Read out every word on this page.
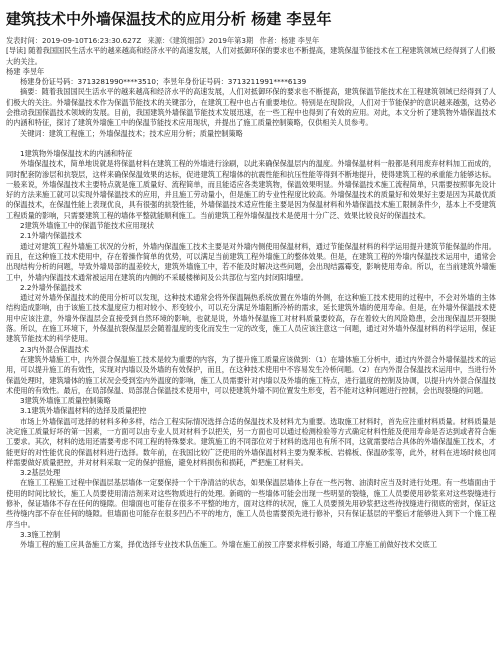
建筑技术中外墙保温技术的应用分析 杨建 李昱年
发表时间：2019-09-10T16:23:30.627Z 来源：《建筑细部》2019年第3期 作者：杨建 李昱年

[导读] 随着我国国民生活水平的越来越高和经济水平的高速发展，人们对抵御环保的要求也不断提高，建筑保温节能技术在工程建筑领域已经得到了人们极大的关注。

杨建 李昱年
杨建身份证号码：3713281990****3510；李昱年身份证号码：3713211991****6139

摘要：随着我国国民生活水平的越来越高和经济水平的高速发展，人们对抵御环保的要求也不断提高，建筑保温节能技术在工程建筑领域已经得到了人们极大的关注。外墙保温技术作为保温节能技术的关键部分，在建筑工程中也占有重要地位。特别是在现阶段，人们对于节能保护的意识越来越强，这势必会推动我国保温技术领域的发展。目前，我国建筑外墙保温节能技术发展迅速，在一些工程中也得到了有效的应用。对此，本文分析了建筑物外墙保温技术的内涵和特征，探讨了建筑外墙施工中的保温节能技术应用现状，并提出了施工质量控制策略，仅供相关人员参考。

关键词：建筑工程施工；外墙保温技术；技术应用分析；质量控制策略
1建筑物外墙保温技术的内涵和特征

外墙保温技术，简单地说就是将保温材料在建筑工程的外墙进行涂刷，以此来确保保温层内的温度。外墙保温材料一般都是利用废弃材料加工而成的，同时配套防渗层和抗裂层，这样来确保保温效果的达标，促进建筑工程墙体的抗震性能和抗压性能等得到不断地提升，使得建筑工程的承重能力能够达标。一般来说，外墙保温技术主要特点就是施工质量好、流程简单，而且能适应各类建筑物，保温效果明显。外墙保温技术施工流程简单，只需要按照事先设计好的方法来施工就可以实现外墙保温技术的应用，并且施工劳动量小，但是施工的专业性程度比较高。外墙保温技术的质量好和效果好主要是因为其最优质的保温技术，在保温性能上表现优良，具有很强的抗裂性能，外墙保温技术适应性能主要是因为保温材料和外墙保温技术施工限制条件少，基本上不受建筑工程质量的影响，只需要建筑工程的墙体平整就能顺利施工。当前建筑工程外墙保温技术是使用十分广泛、效果比较良好的保温技术。

2建筑外墙施工中的保温节能技术应用现状
2.1外墙内保温技术

通过对建筑工程外墙施工状况的分析，外墙内保温施工技术主要是对外墙内侧使用保温材料，通过节能保温材料的科学运用提升建筑节能保温的作用。而且，在这种施工技术使用中，存在着操作简单的优势，可以满足当前建筑工程外墙施工的整体效果。但是，在建筑工程的外墙内保温技术运用中，通常会出现结构分析的问题，导致外墙局部的温差较大，建筑外墙施工中，若不能及时解决这些问题，会出现结露霉变，影响使用寿命。所以，在当前建筑外墙施工中，外墙内保温技术通常被运用在建筑的内侧的不采暖楼梯间及公共部位与室内封闭阳墙壁。

2.2外墙外保温技术

通过对外墙外保温技术的使用分析可以发现，这种技术通常会将外保温隔热系统放置在外墙的外侧，在这种施工技术使用的过程中，不会对外墙的主体结构造成影响，由于该施工技术温度应力相对较小、形变较小，可以充分满足外墙阻断冷桥的需求，延长建筑外墙的使用寿命。但是，在外墙外保温技术使用中应该注意，外墙外保温层会直接受到自然环境的影响，也就是说，外墙外保温施工对材料质量要较高，存在着较大的风险隐患，会出现保温层开裂脱落。所以，在施工环境下，外保温抗裂保温层会随着温度的变化而发生一定的改变，施工人员应该注意这一问题，通过对外墙外保温材料的科学运用，保证建筑节能技术的科学使用。

2.3内外混合保温技术

在建筑外墙施工中，内外混合保温施工技术是较为重要的内容，为了提升施工质量应该做到：（1）在墙体施工分析中，通过内外混合外墙保温技术的运用，可以提升施工的有效性，实现对内墙以及外墙的有效保护，而且，在这种技术使用中不容易发生冷桥问题。（2）在内外混合保温技术运用中，当进行外保温处理时，建筑墙体的施工状况会受到室内外温度的影响，施工人员需要针对内墙以及外墙的施工特点，进行温度的控制及协调，以提升内外混合保温技术使用的有效性。最后，在局部保温、局部混合保温技术使用中，可以使建筑外墙不同位置发生形变，若不能对这种问题进行控制，会出现裂缝的问题。

3建筑外墙施工质量控制策略
3.1建筑外墙保温材料的选择及质量把控

市场上外墙保温可选择的材料多种多样，结合工程实际情况选择合适的保温技术及材料尤为重要。选取施工材料时，首先应注重材料质量。材料质量是决定施工质量好坏的第一因素，一方面可以由专业人员对材料予以把关，另一方面也可以通过检测检验等方式确定材料性能及使用寿命是否达到或者符合施工要求。其次，材料的选用还需要考虑不同工程的特殊要求。建筑施工的不同部位对于材料的选用也有所不同，这就需要结合具体的外墙保温施工技术，才能更好的对性能优良的保温材料进行选择。数年前，在我国比较广泛使用的外墙保温材料主要为聚苯板、岩棉板、保温砂浆等，此外，材料在进场时候也同样需要做好质量把控，并对材料采取一定的保护措施，避免材料损伤和损耗，严把施工材料关。

3.2基层处理

在施工工程施工过程中保温层基层墙体一定要保持一个干净清洁的状态，如果保温层墙体上存在一些污物、油渍时应当及时进行处理。有一些墙面由于使用的时间比较长，施工人员要使用清洁剂来对这些物质进行的处理。新砌的一些墙体可能会出现一些明显的裂缝，施工人员要使用砂浆来对这些裂缝进行修补，保证墙体不存在任何的缝隙。但墙面也可能存在很多不平整的地方，面对这样的状况，施工人员要预先用砂浆把这些待找缝进行彻底的密封，保证这些待缝内部不存在任何的缝隙。但墙面也可能存在很多凹凸不平的地方，施工人员也需要预先进行修补，只有保证基层的平整后才能够进入到下一个施工程序当中。

3.3施工控制

外墙工程的施工应具备施工方案，择优选择专业技术队伍施工。外墙在施工前按工序要求样板引路，每道工序施工前做好技术交底工
